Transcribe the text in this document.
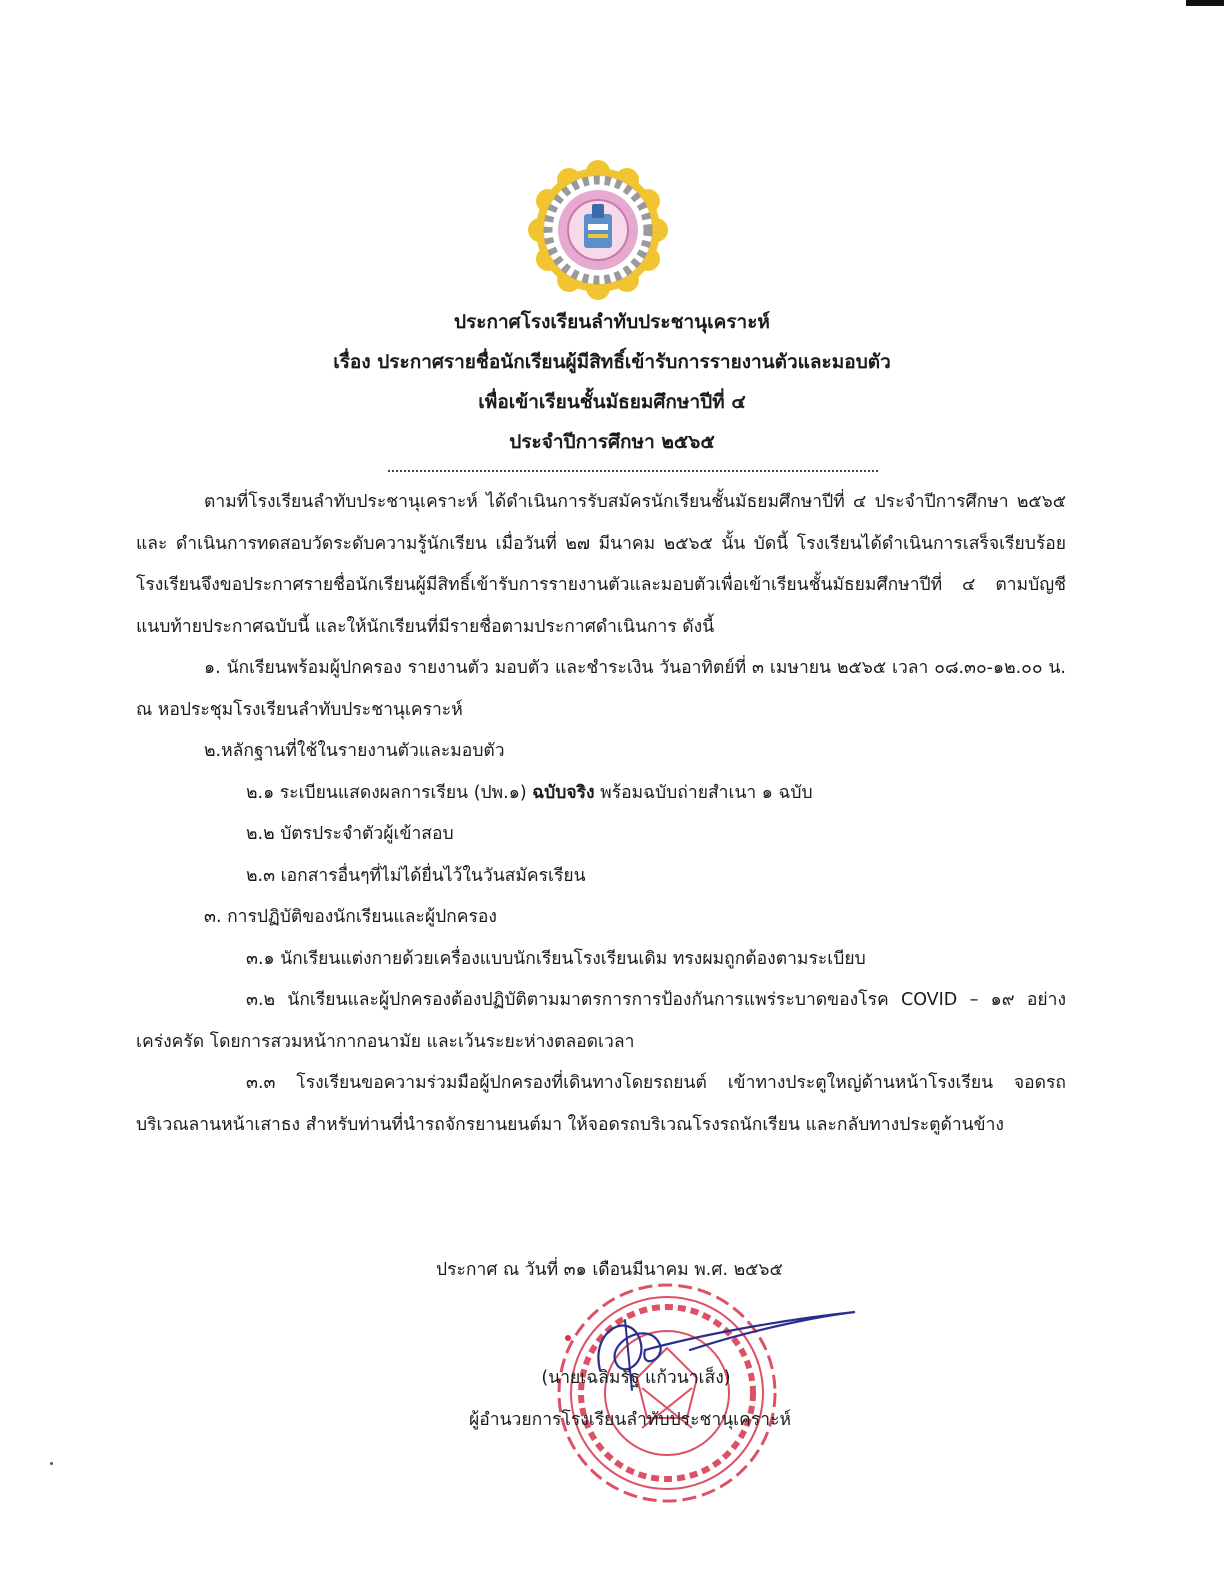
ประกาศโรงเรียนลำทับประชานุเคราะห์
เรื่อง ประกาศรายชื่อนักเรียนผู้มีสิทธิ์เข้ารับการรายงานตัวและมอบตัว
เพื่อเข้าเรียนชั้นมัธยมศึกษาปีที่ ๔
ประจำปีการศึกษา ๒๕๖๕

ตามที่โรงเรียนลำทับประชานุเคราะห์ ได้ดำเนินการรับสมัครนักเรียนชั้นมัธยมศึกษาปีที่ ๔ ประจำปีการศึกษา ๒๕๖๕ และ ดำเนินการทดสอบวัดระดับความรู้นักเรียน เมื่อวันที่ ๒๗ มีนาคม ๒๕๖๕ นั้น บัดนี้ โรงเรียนได้ดำเนินการเสร็จเรียบร้อย โรงเรียนจึงขอประกาศรายชื่อนักเรียนผู้มีสิทธิ์เข้ารับการรายงานตัวและมอบตัวเพื่อเข้าเรียนชั้นมัธยมศึกษาปีที่ ๔ ตามบัญชีแนบท้ายประกาศฉบับนี้ และให้นักเรียนที่มีรายชื่อตามประกาศดำเนินการ ดังนี้

๑. นักเรียนพร้อมผู้ปกครอง รายงานตัว มอบตัว และชำระเงิน วันอาทิตย์ที่ ๓ เมษายน ๒๕๖๕ เวลา ๐๘.๓๐-๑๒.๐๐ น. ณ หอประชุมโรงเรียนลำทับประชานุเคราะห์

๒.หลักฐานที่ใช้ในรายงานตัวและมอบตัว

๒.๑ ระเบียนแสดงผลการเรียน (ปพ.๑) ฉบับจริง พร้อมฉบับถ่ายสำเนา ๑ ฉบับ

๒.๒ บัตรประจำตัวผู้เข้าสอบ

๒.๓ เอกสารอื่นๆที่ไม่ได้ยื่นไว้ในวันสมัครเรียน

๓. การปฏิบัติของนักเรียนและผู้ปกครอง

๓.๑ นักเรียนแต่งกายด้วยเครื่องแบบนักเรียนโรงเรียนเดิม ทรงผมถูกต้องตามระเบียบ

๓.๒ นักเรียนและผู้ปกครองต้องปฏิบัติตามมาตรการการป้องกันการแพร่ระบาดของโรค COVID – ๑๙ อย่างเคร่งครัด โดยการสวมหน้ากากอนามัย และเว้นระยะห่างตลอดเวลา

๓.๓ โรงเรียนขอความร่วมมือผู้ปกครองที่เดินทางโดยรถยนต์ เข้าทางประตูใหญ่ด้านหน้าโรงเรียน จอดรถบริเวณลานหน้าเสาธง สำหรับท่านที่นำรถจักรยานยนต์มา ให้จอดรถบริเวณโรงรถนักเรียน และกลับทางประตูด้านข้าง

ประกาศ ณ วันที่ ๓๑ เดือนมีนาคม พ.ศ. ๒๕๖๕
(นายเฉลิมรัฐ แก้วนาเส็ง)
ผู้อำนวยการโรงเรียนลำทับประชานุเคราะห์
